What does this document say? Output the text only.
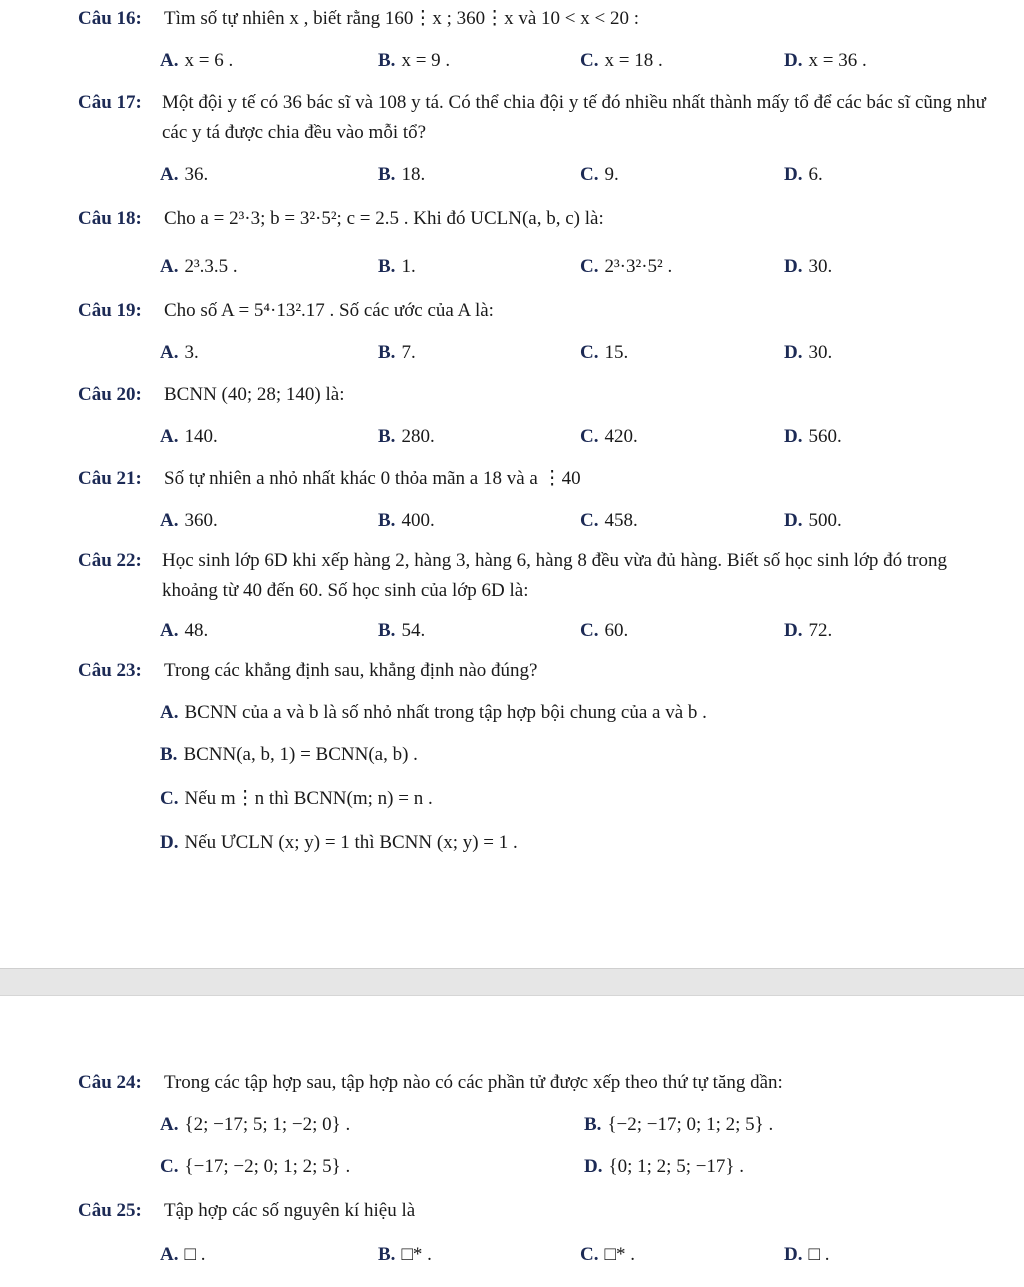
Câu 16: Tìm số tự nhiên x , biết rằng 160⋮x ; 360⋮x và 10 < x < 20 :
A. x = 6 .	B. x = 9 .	C. x = 18 .	D. x = 36 .
Câu 17: Một đội y tế có 36 bác sĩ và 108 y tá. Có thể chia đội y tế đó nhiều nhất thành mấy tổ để các bác sĩ cũng như các y tá được chia đều vào mỗi tổ?
A. 36.	B. 18.	C. 9.	D. 6.
Câu 18: Cho a = 2³·3; b = 3²·5²; c = 2.5 . Khi đó UCLN(a, b, c) là:
A. 2³.3.5 .	B. 1.	C. 2³·3²·5² .	D. 30.
Câu 19: Cho số A = 5⁴·13².17 . Số các ước của A là:
A. 3.	B. 7.	C. 15.	D. 30.
Câu 20: BCNN (40; 28; 140) là:
A. 140.	B. 280.	C. 420.	D. 560.
Câu 21: Số tự nhiên a nhỏ nhất khác 0 thỏa mãn a 18 và a ⋮40
A. 360.	B. 400.	C. 458.	D. 500.
Câu 22: Học sinh lớp 6D khi xếp hàng 2, hàng 3, hàng 6, hàng 8 đều vừa đủ hàng. Biết số học sinh lớp đó trong khoảng từ 40 đến 60. Số học sinh của lớp 6D là:
A. 48.	B. 54.	C. 60.	D. 72.
Câu 23: Trong các khẳng định sau, khẳng định nào đúng?
A. BCNN của a và b là số nhỏ nhất trong tập hợp bội chung của a và b .
B. BCNN(a, b, 1) = BCNN(a, b) .
C. Nếu m⋮n thì BCNN(m; n) = n .
D. Nếu ƯCLN (x; y) = 1 thì BCNN (x; y) = 1 .
Câu 24: Trong các tập hợp sau, tập hợp nào có các phần tử được xếp theo thứ tự tăng dần:
A. {2; −17; 5; 1; −2; 0} .	B. {−2; −17; 0; 1; 2; 5} .
C. {−17; −2; 0; 1; 2; 5} .	D. {0; 1; 2; 5; −17} .
Câu 25: Tập hợp các số nguyên kí hiệu là
A. □ .	B. □* .	C. □* .	D. □ .
